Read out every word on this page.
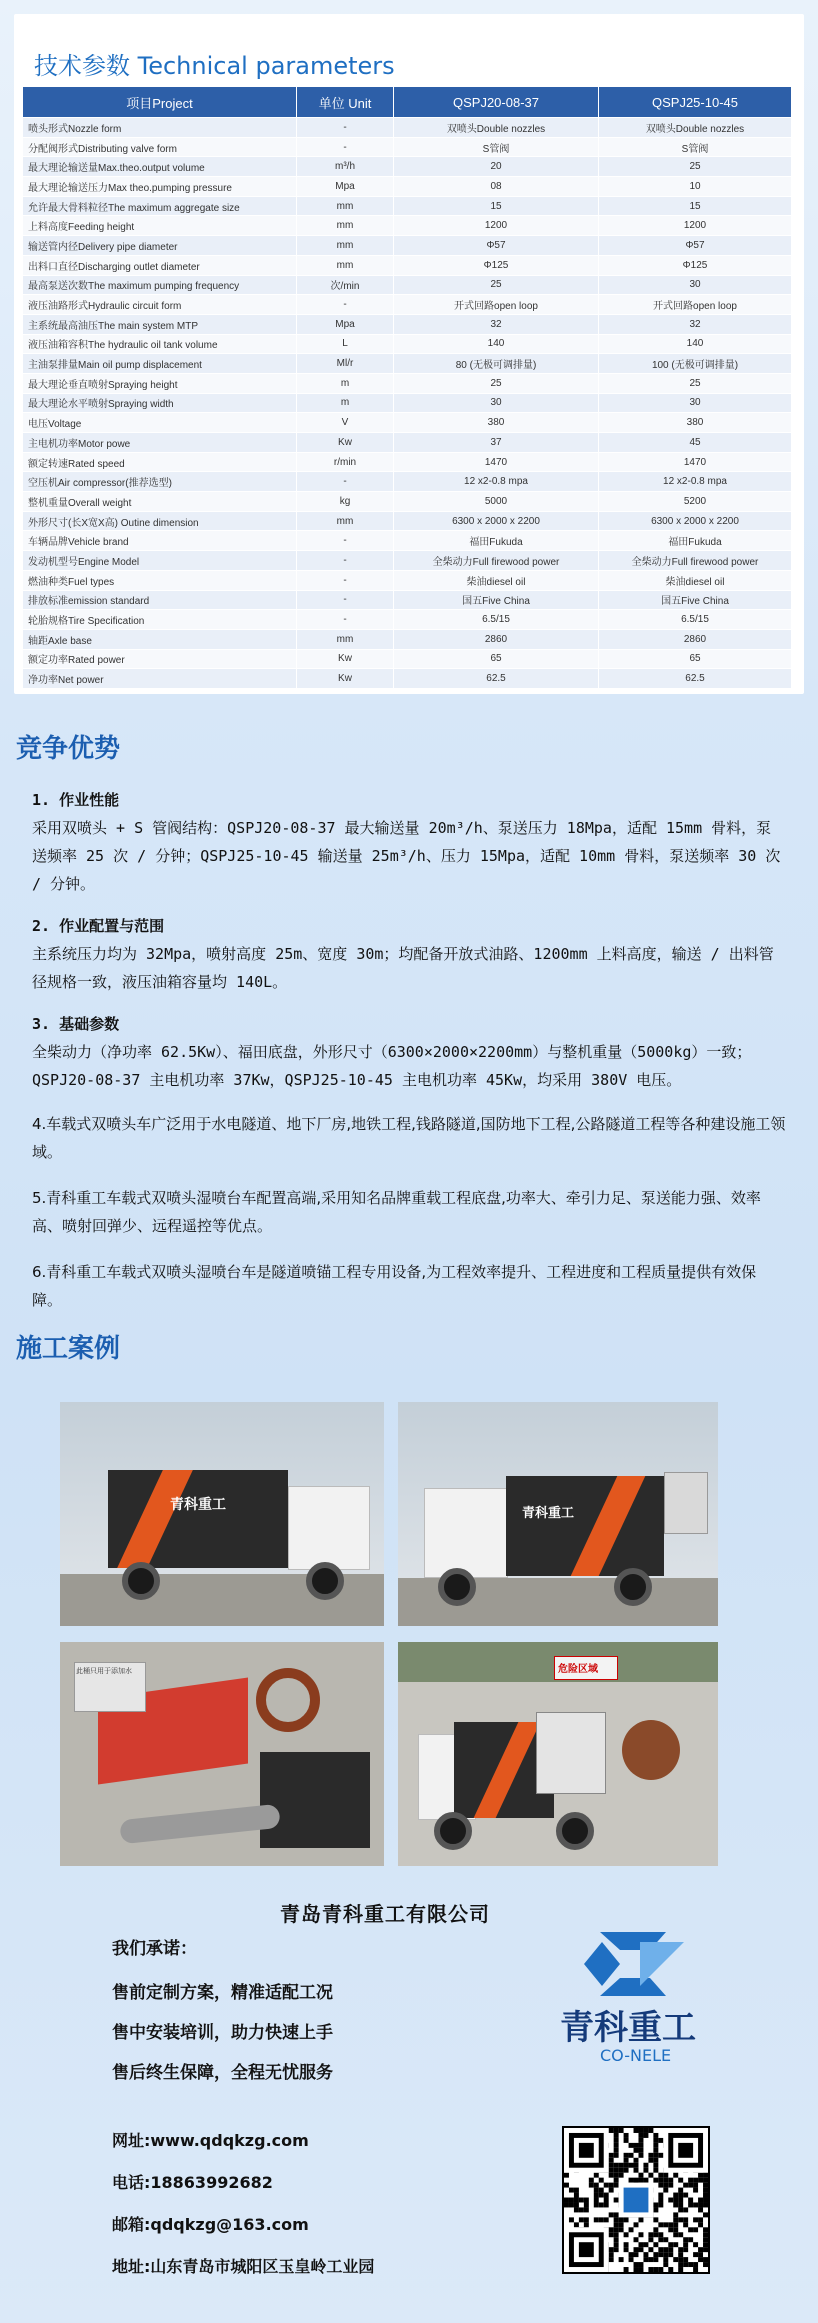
技术参数 Technical parameters
项目Project	单位 Unit	QSPJ20-08-37	QSPJ25-10-45
喷头形式Nozzle form	-	双喷头Double nozzles	双喷头Double nozzles
分配阀形式Distributing valve form	-	S管阀	S管阀
最大理论输送量Max.theo.output volume	m³/h	20	25
最大理论输送压力Max theo.pumping pressure	Mpa	08	10
允许最大骨料粒径The maximum aggregate size	mm	15	15
上料高度Feeding height	mm	1200	1200
输送管内径Delivery pipe diameter	mm	Φ57	Φ57
出料口直径Discharging outlet diameter	mm	Φ125	Φ125
最高泵送次数The maximum pumping frequency	次/min	25	30
液压油路形式Hydraulic circuit form	-	开式回路open loop	开式回路open loop
主系统最高油压The main system MTP	Mpa	32	32
液压油箱容积The hydraulic oil tank volume	L	140	140
主油泵排量Main oil pump displacement	Ml/r	80 (无极可调排量)	100 (无极可调排量)
最大理论垂直喷射Spraying height	m	25	25
最大理论水平喷射Spraying width	m	30	30
电压Voltage	V	380	380
主电机功率Motor powe	Kw	37	45
额定转速Rated speed	r/min	1470	1470
空压机Air compressor(推荐选型)	-	12 x2-0.8 mpa	12 x2-0.8 mpa
整机重量Overall weight	kg	5000	5200
外形尺寸(长X宽X高) Outine dimension	mm	6300 x 2000 x 2200	6300 x 2000 x 2200
车辆品牌Vehicle brand	-	福田Fukuda	福田Fukuda
发动机型号Engine Model	-	全柴动力Full firewood power	全柴动力Full firewood power
燃油种类Fuel types	-	柴油diesel oil	柴油diesel oil
排放标准emission standard	-	国五Five China	国五Five China
轮胎规格Tire Specification	-	6.5/15	6.5/15
轴距Axle base	mm	2860	2860
额定功率Rated power	Kw	65	65
净功率Net power	Kw	62.5	62.5
竞争优势

1. 作业性能

采用双喷头 + S 管阀结构：QSPJ20-08-37 最大输送量 20m³/h、泵送压力 18Mpa，适配 15mm 骨料，泵送频率 25 次 / 分钟；QSPJ25-10-45 输送量 25m³/h、压力 15Mpa，适配 10mm 骨料，泵送频率 30 次 / 分钟。

2. 作业配置与范围

主系统压力均为 32Mpa，喷射高度 25m、宽度 30m；均配备开放式油路、1200mm 上料高度，输送 / 出料管径规格一致，液压油箱容量均 140L。

3. 基础参数

全柴动力（净功率 62.5Kw）、福田底盘，外形尺寸（6300×2000×2200mm）与整机重量（5000kg）一致；QSPJ20-08-37 主电机功率 37Kw，QSPJ25-10-45 主电机功率 45Kw，均采用 380V 电压。

4.车载式双喷头车广泛用于水电隧道、地下厂房,地铁工程,钱路隧道,国防地下工程,公路隧道工程等各种建设施工领域。

5.青科重工车载式双喷头湿喷台车配置高端,采用知名品牌重载工程底盘,功率大、牵引力足、泵送能力强、效率高、喷射回弹少、远程遥控等优点。

6.青科重工车载式双喷头湿喷台车是隧道喷锚工程专用设备,为工程效率提升、工程进度和工程质量提供有效保障。

施工案例
青科重工
青科重工
此桶只用于添加水	危险区域
青岛青科重工有限公司
我们承诺：
售前定制方案，精准适配工况
售中安装培训，助力快速上手
售后终生保障，全程无忧服务
青科重工
CO-NELE
网址:www.qdqkzg.com
电话:18863992682
邮箱:qdqkzg@163.com
地址:山东青岛市城阳区玉皇岭工业园
